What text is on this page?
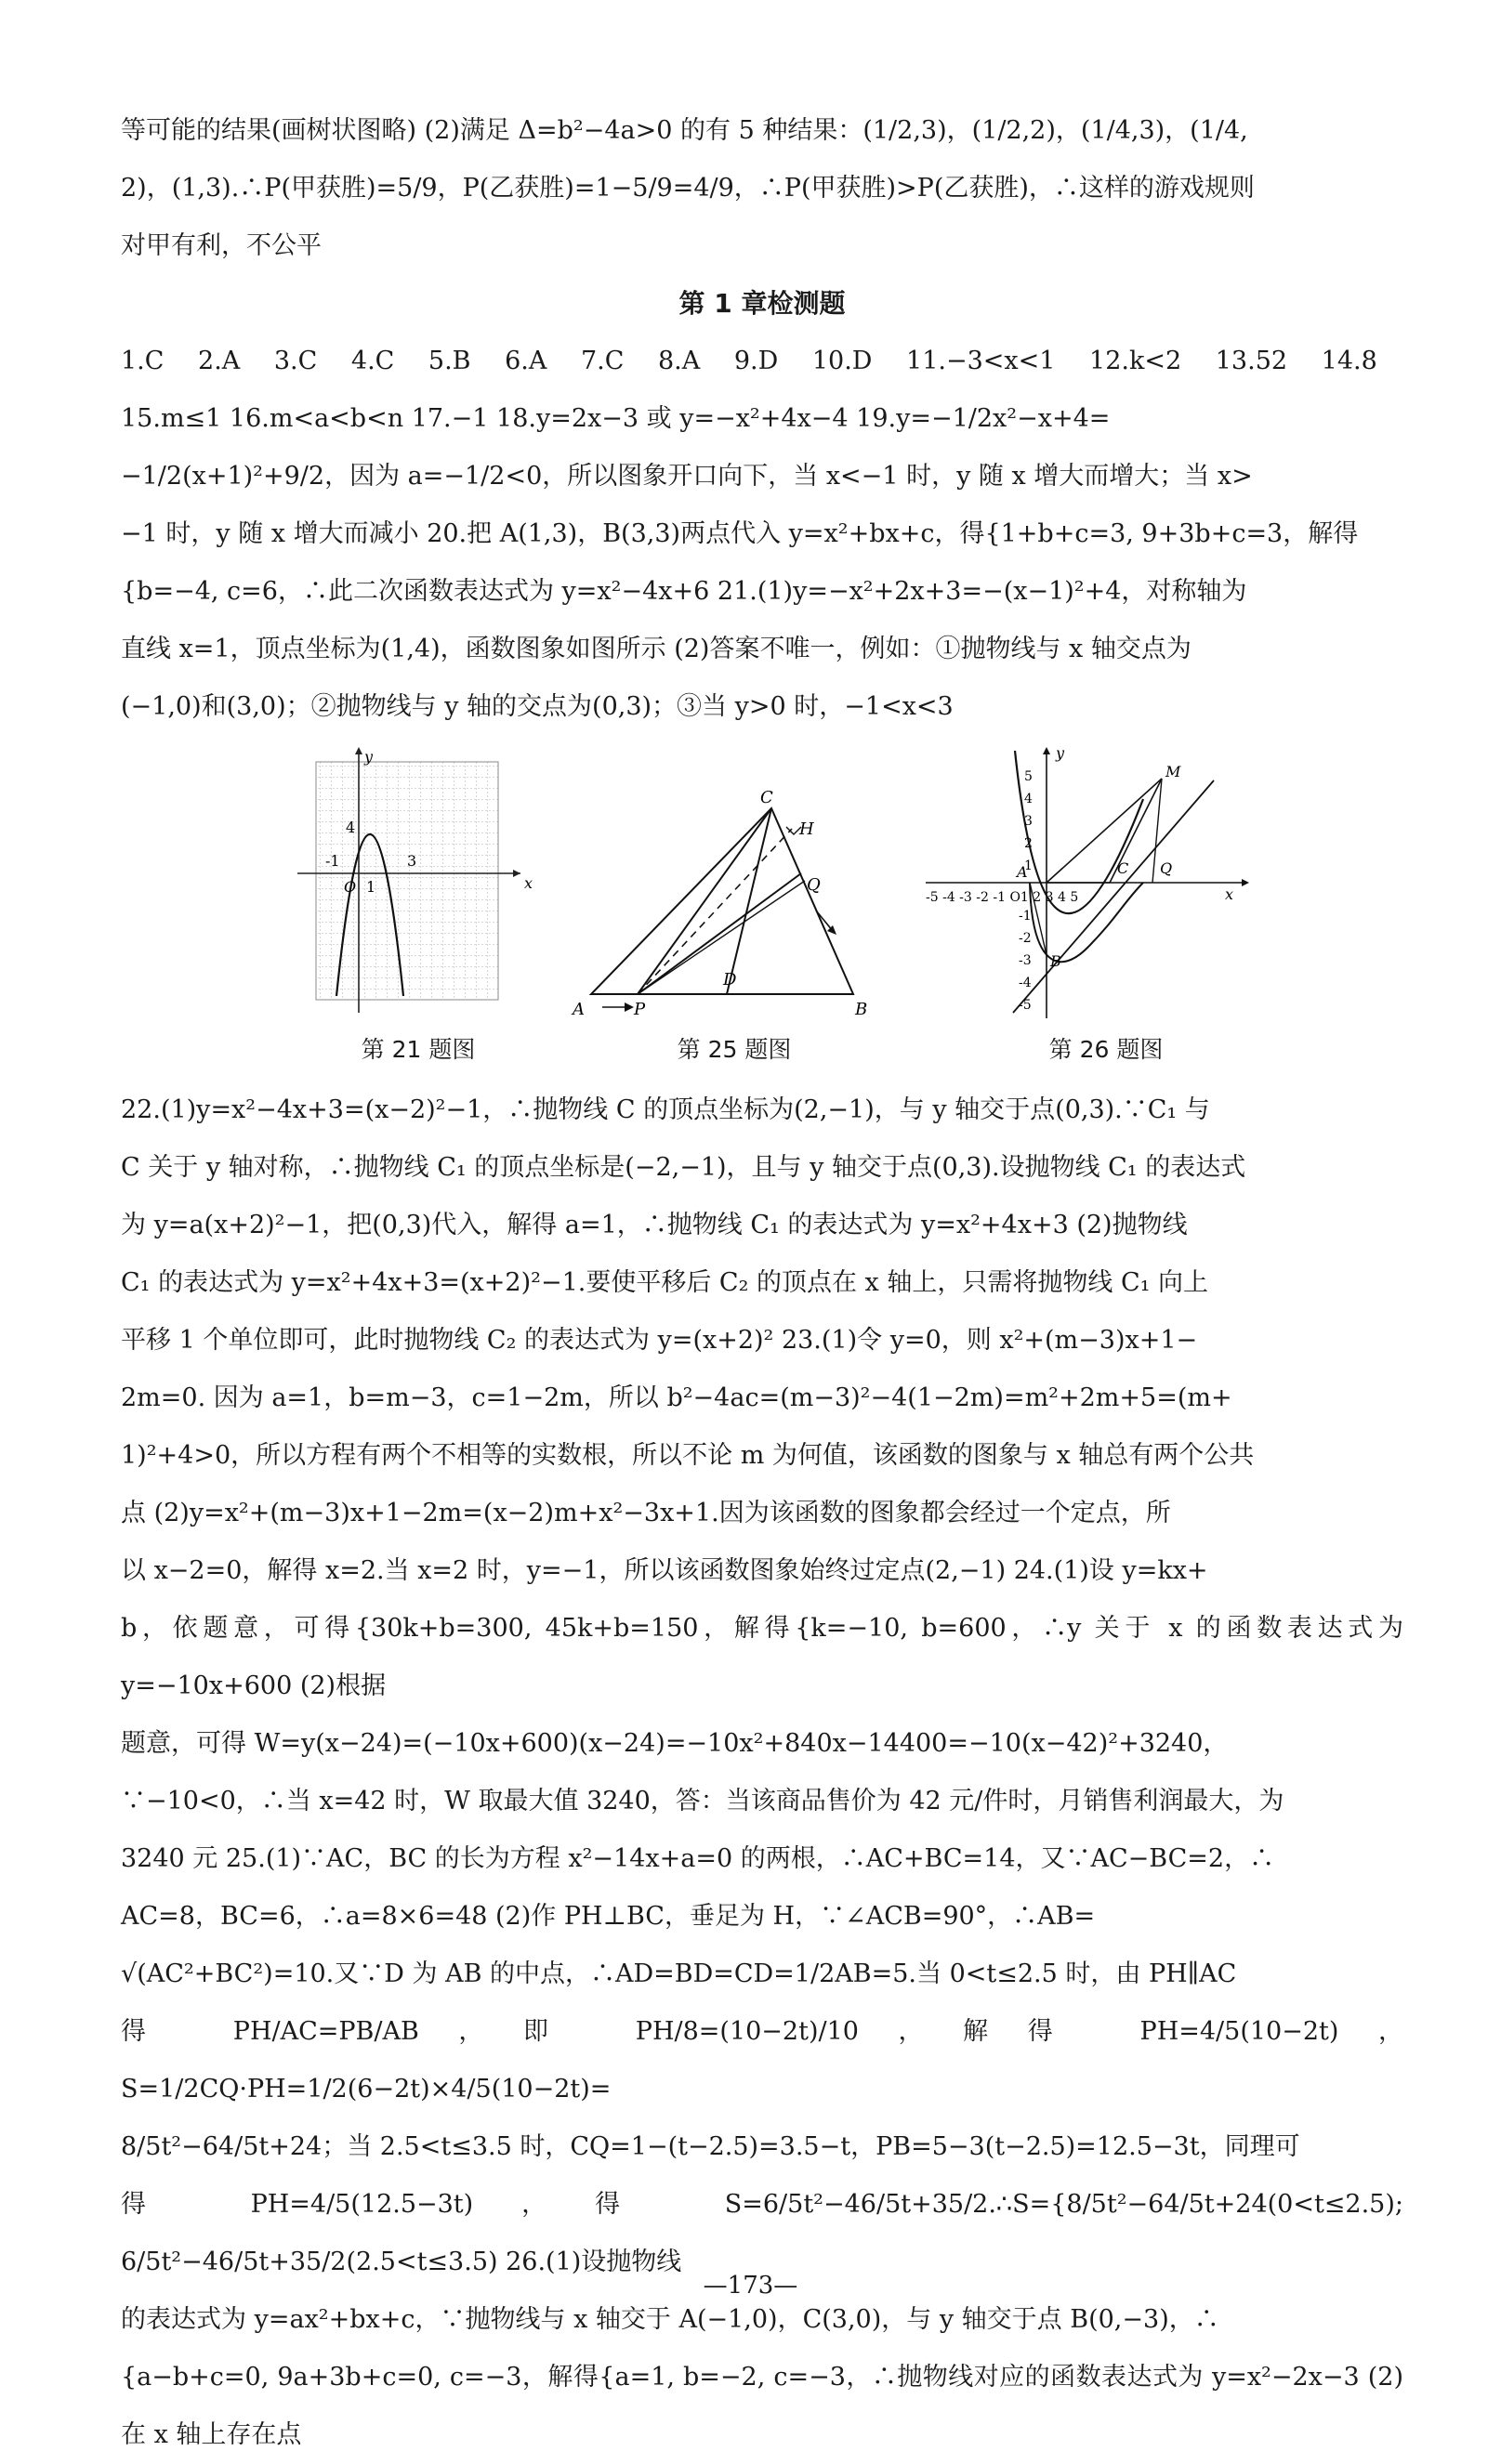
等可能的结果(画树状图略) (2)满足 Δ=b²−4a>0 的有 5 种结果：(1/2,3)，(1/2,2)，(1/4,3)，(1/4,

2)，(1,3).∴P(甲获胜)=5/9，P(乙获胜)=1−5/9=4/9，∴P(甲获胜)>P(乙获胜)，∴这样的游戏规则

对甲有利，不公平

第 1 章检测题

1.C 2.A 3.C 4.C 5.B 6.A 7.C 8.A 9.D 10.D 11.−3<x<1 12.k<2 13.52 14.8

15.m≤1 16.m<a<b<n 17.−1 18.y=2x−3 或 y=−x²+4x−4 19.y=−1/2x²−x+4=

−1/2(x+1)²+9/2，因为 a=−1/2<0，所以图象开口向下，当 x<−1 时，y 随 x 增大而增大；当 x>

−1 时，y 随 x 增大而减小 20.把 A(1,3)，B(3,3)两点代入 y=x²+bx+c，得{1+b+c=3, 9+3b+c=3，解得

{b=−4, c=6，∴此二次函数表达式为 y=x²−4x+6 21.(1)y=−x²+2x+3=−(x−1)²+4，对称轴为

直线 x=1，顶点坐标为(1,4)，函数图象如图所示 (2)答案不唯一，例如：①抛物线与 x 轴交点为

(−1,0)和(3,0)；②抛物线与 y 轴的交点为(0,3)；③当 y>0 时，−1<x<3

y
x
O 1
-1	3
4
第 21 题图
A	P
D
B
C
H
Q
第 25 题图
y
x
-5 -4 -3 -2 -1 O1 2 3 4 5
5
4
3
2
1
-1
-2
-3
-4
-5
A
B
C Q
M
第 26 题图

22.(1)y=x²−4x+3=(x−2)²−1，∴抛物线 C 的顶点坐标为(2,−1)，与 y 轴交于点(0,3).∵C₁ 与

C 关于 y 轴对称，∴抛物线 C₁ 的顶点坐标是(−2,−1)，且与 y 轴交于点(0,3).设抛物线 C₁ 的表达式

为 y=a(x+2)²−1，把(0,3)代入，解得 a=1，∴抛物线 C₁ 的表达式为 y=x²+4x+3 (2)抛物线

C₁ 的表达式为 y=x²+4x+3=(x+2)²−1.要使平移后 C₂ 的顶点在 x 轴上，只需将抛物线 C₁ 向上

平移 1 个单位即可，此时抛物线 C₂ 的表达式为 y=(x+2)² 23.(1)令 y=0，则 x²+(m−3)x+1−

2m=0. 因为 a=1，b=m−3，c=1−2m，所以 b²−4ac=(m−3)²−4(1−2m)=m²+2m+5=(m+

1)²+4>0，所以方程有两个不相等的实数根，所以不论 m 为何值，该函数的图象与 x 轴总有两个公共

点 (2)y=x²+(m−3)x+1−2m=(x−2)m+x²−3x+1.因为该函数的图象都会经过一个定点，所

以 x−2=0，解得 x=2.当 x=2 时，y=−1，所以该函数图象始终过定点(2,−1) 24.(1)设 y=kx+

b，依题意，可得{30k+b=300, 45k+b=150，解得{k=−10, b=600，∴y 关于 x 的函数表达式为 y=−10x+600 (2)根据

题意，可得 W=y(x−24)=(−10x+600)(x−24)=−10x²+840x−14400=−10(x−42)²+3240，

∵−10<0，∴当 x=42 时，W 取最大值 3240，答：当该商品售价为 42 元/件时，月销售利润最大，为

3240 元 25.(1)∵AC，BC 的长为方程 x²−14x+a=0 的两根，∴AC+BC=14，又∵AC−BC=2，∴

AC=8，BC=6，∴a=8×6=48 (2)作 PH⊥BC，垂足为 H，∵∠ACB=90°，∴AB=

√(AC²+BC²)=10.又∵D 为 AB 的中点，∴AD=BD=CD=1/2AB=5.当 0<t≤2.5 时，由 PH∥AC

得 PH/AC=PB/AB，即 PH/8=(10−2t)/10，解得 PH=4/5(10−2t)，S=1/2CQ·PH=1/2(6−2t)×4/5(10−2t)=

8/5t²−64/5t+24；当 2.5<t≤3.5 时，CQ=1−(t−2.5)=3.5−t，PB=5−3(t−2.5)=12.5−3t，同理可

得 PH=4/5(12.5−3t)，得 S=6/5t²−46/5t+35/2.∴S={8/5t²−64/5t+24(0<t≤2.5); 6/5t²−46/5t+35/2(2.5<t≤3.5) 26.(1)设抛物线

的表达式为 y=ax²+bx+c，∵抛物线与 x 轴交于 A(−1,0)，C(3,0)，与 y 轴交于点 B(0,−3)，∴

{a−b+c=0, 9a+3b+c=0, c=−3，解得{a=1, b=−2, c=−3，∴抛物线对应的函数表达式为 y=x²−2x−3 (2)在 x 轴上存在点

—173—
